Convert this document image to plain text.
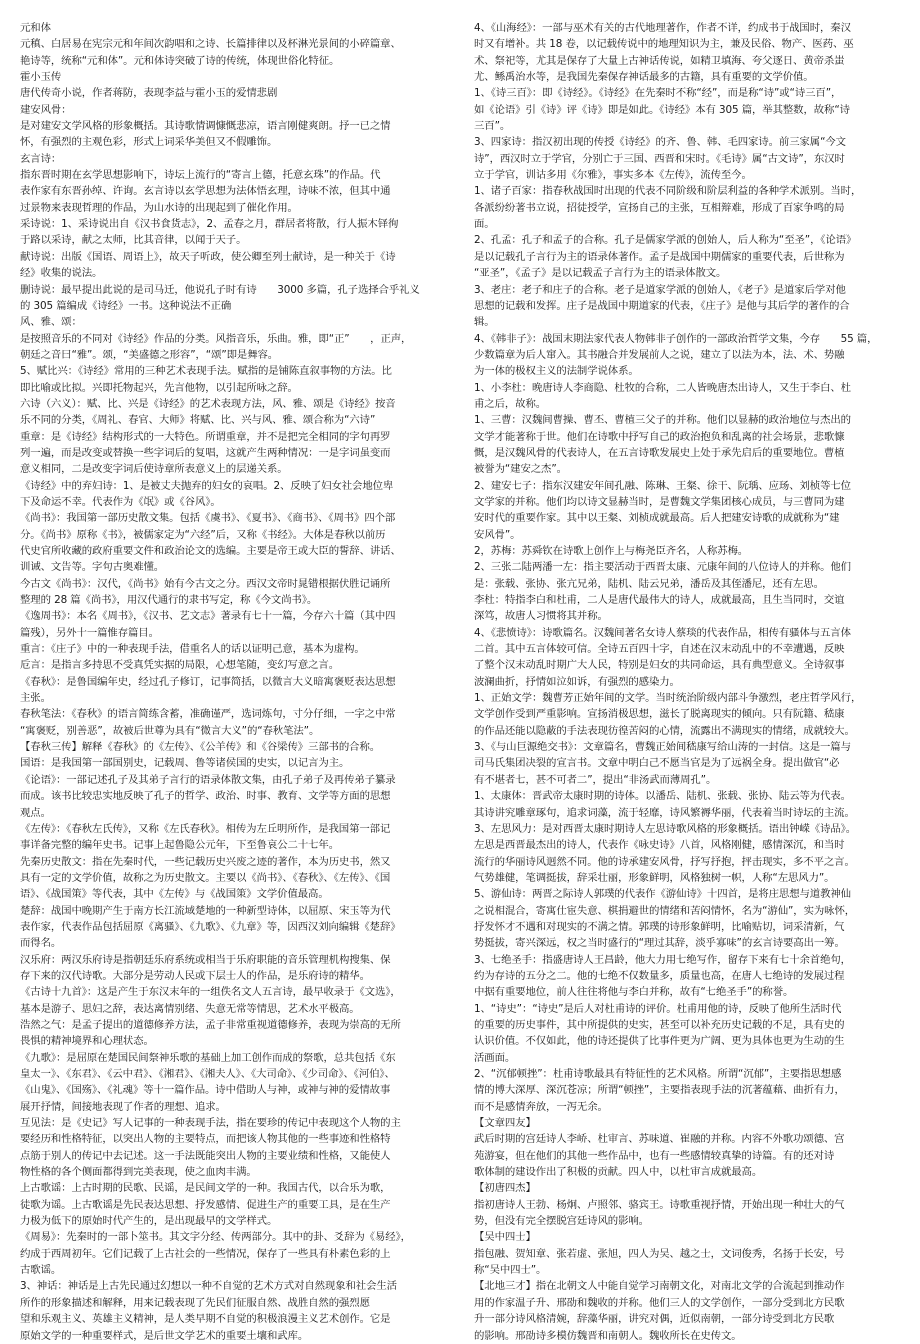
元和体

元稹、白居易在宪宗元和年间次韵唱和之诗、长篇排律以及杯淋光景间的小碎篇章、

艳诗等，统称“元和体”。元和体诗突破了诗的传统，体现世俗化特征。

霍小玉传

唐代传奇小说，作者蒋防，表现李益与霍小玉的爱情悲剧

建安风骨：

是对建安文学风格的形象概括。其诗歌情调慷慨悲凉，语言刚健爽朗。抒一已之情

怀，有强烈的主观色彩，形式上词采华美但又不假雕饰。

玄言诗：

指东晋时期在玄学思想影响下，诗坛上流行的“寄言上德，托意玄珠”的作品。代

表作家有东晋孙绰、许询。玄言诗以玄学思想为法体悟玄理，诗味不浓，但其中通

过景物来表现哲理的作品，为山水诗的出现起到了催化作用。

采诗说：1、采诗说出自《汉书食货志》，2、孟春之月，群居者将散，行人振木铎徇

于路以采诗，献之太师，比其音律，以闻于天子。

献诗说：出版《国语、周语上》，故天子听政，使公卿至列士献诗，是一种关于《诗

经》收集的说法。

删诗说：最早提出此说的是司马迁，他说孔子时有诗　　3000 多篇，孔子选择合乎礼义

的 305 篇编成《诗经》一书。这种说法不正确

风、雅、颂：

是按照音乐的不同对《诗经》作品的分类。风指音乐，乐曲。雅，即“正”　　，正声，

朝廷之音曰“雅”。颂，“美盛德之形容”，“颂”即是舞容。

5、赋比兴：《诗经》常用的三种艺术表现手法。赋指的是铺陈直叙事物的方法。比

即比喻或比拟。兴即托物起兴，先言他物，以引起所咏之辞。

六诗（六义）：赋、比、兴是《诗经》的艺术表现方法，风、雅、颂是《诗经》按音

乐不同的分类，《周礼、春官、大师》将赋、比、兴与风、雅、颂合称为“六诗”

重章：是《诗经》结构形式的一大特色。所谓重章，并不是把完全相同的字句再罗

列一遍，而是改变或替换一些字词后的复唱，这就产生两种情况：一是字词虽变而

意义相同，二是改变字词后使诗章所表意义上的层递关系。

《诗经》中的弃妇诗：1、是被丈夫抛弃的妇女的哀唱。2、反映了妇女社会地位卑

下及命运不幸。代表作为《氓》或《谷风》。

《尚书》：我国第一部历史散文集。包括《虞书》、《夏书》、《商书》、《周书》四个部

分。《尚书》原称《书》，被儒家定为“六经”后，又称《书经》。大体是春秋以前历

代史官所收藏的政府重要文件和政治论文的选编。主要是帝王或大臣的誓辞、讲话、

训诫、文告等。字句古奥难懂。

今古文《尚书》：汉代，《尚书》始有今古文之分。西汉文帝时晁错根据伏胜记诵所

整理的 28 篇《尚书》，用汉代通行的隶书写定，称《今文尚书》。

《逸周书》：本名《周书》，《汉书、艺文志》著录有七十一篇，今存六十篇（其中四

篇残），另外十一篇惟存篇目。

重言：《庄子》中的一种表现手法，借重名人的话以证明己意，基本为虚构。

卮言：是指言多持思不受真凭实据的局限，心想笔随，变幻写意之言。

《春秋》：是鲁国编年史，经过孔子修订，记事简括，以微言大义暗寓褒贬表达思想

主张。

春秋笔法：《春秋》的语言简练含蓄，准确谨严，选词炼句，寸分仔细，一字之中常

“寓褒贬，别善恶”，故被后世尊为具有“微言大义”的“春秋笔法”。

【春秋三传】解释《春秋》的《左传》、《公羊传》和《谷梁传》三部书的合称。

国语：是我国第一部国别史，记载周、鲁等诸侯国的史实，以记言为主。

《论语》：一部记述孔子及其弟子言行的语录体散文集，由孔子弟子及再传弟子纂录

而成。该书比较忠实地反映了孔子的哲学、政治、时事、教育、文学等方面的思想

观点。

《左传》：《春秋左氏传》，又称《左氏春秋》。相传为左丘明所作，是我国第一部记

事详备完整的编年史书。记事上起鲁隐公元年，下至鲁哀公二十七年。

先秦历史散文：指在先秦时代，一些记载历史兴废之迹的著作，本为历史书，然又

具有一定的文学价值，故称之为历史散文。主要以《尚书》、《春秋》、《左传》、《国

语》、《战国策》等代表，其中《左传》与《战国策》文学价值最高。

楚辞：战国中晚期产生于南方长江流域楚地的一种新型诗体，以屈原、宋玉等为代

表作家，代表作品包括屈原《离骚》、《九歌》、《九章》等，因西汉刘向编辑《楚辞》

而得名。

汉乐府：两汉乐府诗是指朝廷乐府系统或相当于乐府职能的音乐管理机构搜集、保

存下来的汉代诗歌。大部分是劳动人民或下层士人的作品，是乐府诗的精华。

《古诗十九首》：这是产生于东汉末年的一组佚名文人五言诗，最早收录于《文选》，

基本是游子、思妇之辞，表达离情别绪、失意无常等情思，艺术水平极高。

浩然之气：是孟子提出的道德修养方法，孟子非常重视道德修养，表现为崇高的无所

畏惧的精神境界和心理状态。

《九歌》：是屈原在楚国民间祭神乐歌的基础上加工创作而成的祭歌，总共包括《东

皇太一》、《东君》、《云中君》、《湘君》、《湘夫人》、《大司命》、《少司命》、《河伯》、

《山鬼》、《国殇》、《礼魂》等十一篇作品。诗中借助人与神，或神与神的爱情故事

展开抒情，间接地表现了作者的理想、追求。

互见法：是《史记》写人记事的一种表现手法，指在要珍的传记中表现这个人物的主

要经历和性格特征，以突出人物的主要特点，而把该人物其他的一些事迹和性格特

点筋于别人的传记中去记述。这一手法既能突出人物的主要业绩和性格，又能使人

物性格的各个侧面都得到完美表现，使之血肉丰满。

上古歌谣：上古时期的民歌、民谣，是民间文学的一种。我国古代，以合乐为歌，

徒歌为谣。上古歌谣是先民表达思想、抒发感情、促进生产的重要工具，是在生产

力极为低下的原始时代产生的，是出现最早的文学样式。

《周易》：先秦时的一部卜筮书。其文字分经、传两部分。其中的卦、爻辞为《易经》，

约成于西周初年。它们记载了上古社会的一些情况，保存了一些具有朴素色彩的上

古歌谣。

3、神话：神话是上古先民通过幻想以一种不自觉的艺术方式对自然现象和社会生活

所作的形象描述和解释，用来记载表现了先民们征服自然、战胜自然的强烈愿

望和乐观主义、英雄主义精神，是人类早期不自觉的积极浪漫主义艺术创作。它是

原始文学的一种重要样式，是后世文学艺术的重要土壤和武库。

4、《山海经》：一部与巫术有关的古代地理著作，作者不详，约成书于战国时，秦汉

时又有增补。共 18 卷，以记载传说中的地理知识为主，兼及民俗、物产、医药、巫

术、祭祀等，尤其是保存了大量上古神话传说，如精卫填海、夸父逐日、黄帝杀蚩

尤、鲧禹治水等，是我国先秦保存神话最多的古籍，具有重要的文学价值。

1、《诗三百》：即《诗经》。《诗经》在先秦时不称“经”，而是称“诗”或“诗三百”，

如《论语》引《诗》评《诗》即是如此。《诗经》本有 305 篇，举其整数，故称“诗

三百”。

3、四家诗：指汉初出现的传授《诗经》的齐、鲁、韩、毛四家诗。前三家属“今文

诗”，西汉时立于学官，分别亡于三国、西晋和宋时。《毛诗》属“古文诗”，东汉时

立于学官，训诂多用《尔雅》，事实多本《左传》，流传至今。

1、诸子百家：指春秋战国时出现的代表不同阶级和阶层利益的各种学术派别。当时，

各派纷纷著书立说，招徒授学，宣扬自己的主张，互相辩难，形成了百家争鸣的局

面。

2、孔孟：孔子和孟子的合称。孔子是儒家学派的创始人，后人称为“至圣”，《论语》

是以记载孔子言行为主的语录体著作。孟子是战国中期儒家的重要代表，后世称为

“亚圣”，《孟子》是以记载孟子言行为主的语录体散文。

3、老庄：老子和庄子的合称。老子是道家学派的创始人，《老子》是道家后学对他

思想的记载和发挥。庄子是战国中期道家的代表，《庄子》是他与其后学的著作的合

辑。

4、《韩非子》：战国末期法家代表人物韩非子创作的一部政治哲学文集，今存　　55 篇，

少数篇章为后人窜入。其书融合并发展前人之说，建立了以法为本，法、术、势融

为一体的极权主义的法制学说体系。

1、小李杜：晚唐诗人李商隐、杜牧的合称，二人皆晚唐杰出诗人，又生于李白、杜

甫之后，故称。

1、三曹：汉魏间曹操、曹丕、曹植三父子的并称。他们以显赫的政治地位与杰出的

文学才能著称于世。他们在诗歌中抒写自己的政治抱负和乱离的社会场景，悲歌慷

慨，是汉魏风骨的代表诗人，在五言诗歌发展史上处于承先启后的重要地位。曹植

被誉为“建安之杰”。

2、建安七子：指东汉建安年间孔融、陈琳、王粲、徐干、阮瑀、应玚、刘桢等七位

文学家的并称。他们均以诗文显赫当时，是曹魏文学集团核心成员，与三曹同为建

安时代的重要作家。其中以王粲、刘桢成就最高。后人把建安诗歌的成就称为“建

安风骨”。

2，苏梅：苏舜钦在诗歌上创作上与梅尧臣齐名，人称苏梅。

2、三张二陆两潘一左：指主要活动于西晋太康、元康年间的八位诗人的并称。他们

是：张载、张协、张亢兄弟，陆机、陆云兄弟，潘岳及其侄潘尼，还有左思。

李杜：特指李白和杜甫，二人是唐代最伟大的诗人，成就最高，且生当同时，交谊

深笃，故唐人习惯将其并称。

4、《悲愤诗》：诗歌篇名。汉魏间著名女诗人蔡琰的代表作品，相传有骚体与五言体

二首。其中五言体较可信。全诗五百四十字，自述在汉末动乱中的不幸遭遇，反映

了整个汉末动乱时期广大人民，特别是妇女的共同命运，具有典型意义。全诗叙事

波澜曲折，抒情如泣如诉，有强烈的感染力。

1、正始文学：魏曹芳正始年间的文学。当时统治阶级内部斗争激烈，老庄哲学风行，

文学创作受到严重影响。宣扬消极思想，滋长了脱离现实的倾向。只有阮籍、嵇康

的作品还能以隐蔽的手法表现彷徨苦闷的心情，流露出不满现实的情绪，成就较大。

3、《与山巨源绝交书》：文章篇名，曹魏正始间嵇康写给山涛的一封信。这是一篇与

司马氏集团决裂的宣言书。文章中明白己不愿当官是为了远祸全身。提出做官“必

有不堪者七，甚不可者二”，提出“非汤武而薄周孔”。

1、太康体：晋武帝太康时期的诗体。以潘岳、陆机、张载、张协、陆云等为代表。

其诗讲究雕章琢句，追求词藻，流于轻靡，诗风繁褥华丽，代表着当时诗坛的主流。

3、左思风力：是对西晋太康时期诗人左思诗歌风格的形象概括。语出钟嵘《诗品》。

左思是西晋最杰出的诗人，代表作《咏史诗》八首，风格刚健，感情深沉，和当时

流行的华丽诗风迥然不同。他的诗承建安风骨，抒写抒抱，抨击现实，多不平之言。

气势雄健，笔调挺拔，辞采壮丽，形象鲜明，风格独树一帜，人称“左思风力”。

5、游仙诗：两晋之际诗人郭璞的代表作《游仙诗》十四首，是将庄思想与道教神仙

之说相混合，寄寓仕宦失意、棋捐避世的情绪和苦闷情怀，名为“游仙”，实为咏怀，

抒发怀才不遇和对现实的不满之情。郭璞的诗形象鲜明，比喻贴切，词采清新，气

势挺拔，寄兴深远，权之当时盛行的“理过其辞，淡乎寡味”的玄言诗要高出一筹。

3、七绝圣手：指盛唐诗人王昌龄，他大力用七绝写作，留存下来有七十余首绝句，

约为存诗的五分之二。他的七绝不仅数量多，质量也高，在唐人七绝诗的发展过程

中据有重要地位，前人往往将他与李白并称，故有“七绝圣手”的称誉。

1、“诗史”：“诗史”是后人对杜甫诗的评价。杜甫用他的诗，反映了他所生活时代

的重要的历史事件，其中所提供的史实，甚至可以补充历史记载的不足，具有史的

认识价值。不仅如此，他的诗还提供了比事件更为广阔、更为具体也更为生动的生

活画面。

2、“沉郁顿挫”：杜甫诗歌最具有特征性的艺术风格。所谓“沉郁”，主要指思想感

情的博大深厚、深沉苍凉；所谓“顿挫”，主要指表现手法的沉著蕴藉、曲折有力，

而不是感情奔放，一泻无余。

【文章四友】

武后时期的宫廷诗人李峤、杜审言、苏味道、崔融的并称。内容不外歌功颂德、宫

苑游宴，但在他们的其他一些作品中，也有一些感情较真挚的诗篇。有的还对诗

歌体制的建设作出了积极的贡献。四人中，以杜审言成就最高。

【初唐四杰】

指初唐诗人王勃、杨炯、卢照邻、骆宾王。诗歌重视抒情，开始出现一种壮大的气

势，但没有完全摆脱宫廷诗风的影响。

【吴中四士】

指包融、贺知章、张若虚、张旭，四人为吴、越之士，文词俊秀，名扬于长安，号

称“吴中四士”。

【北地三才】指在北朝文人中能自觉学习南朝文化，对南北文学的合流起到推动作

用的作家温子升、邢劭和魏收的并称。他们三人的文学创作，一部分受到北方民歌

升一部分诗风格清婉，辞藻华丽，讲究对偶，近似南朝，一部分诗受到北方民歌

的影响。邢劭诗多模仿魏晋和南朝人。魏收所长在史传文。
